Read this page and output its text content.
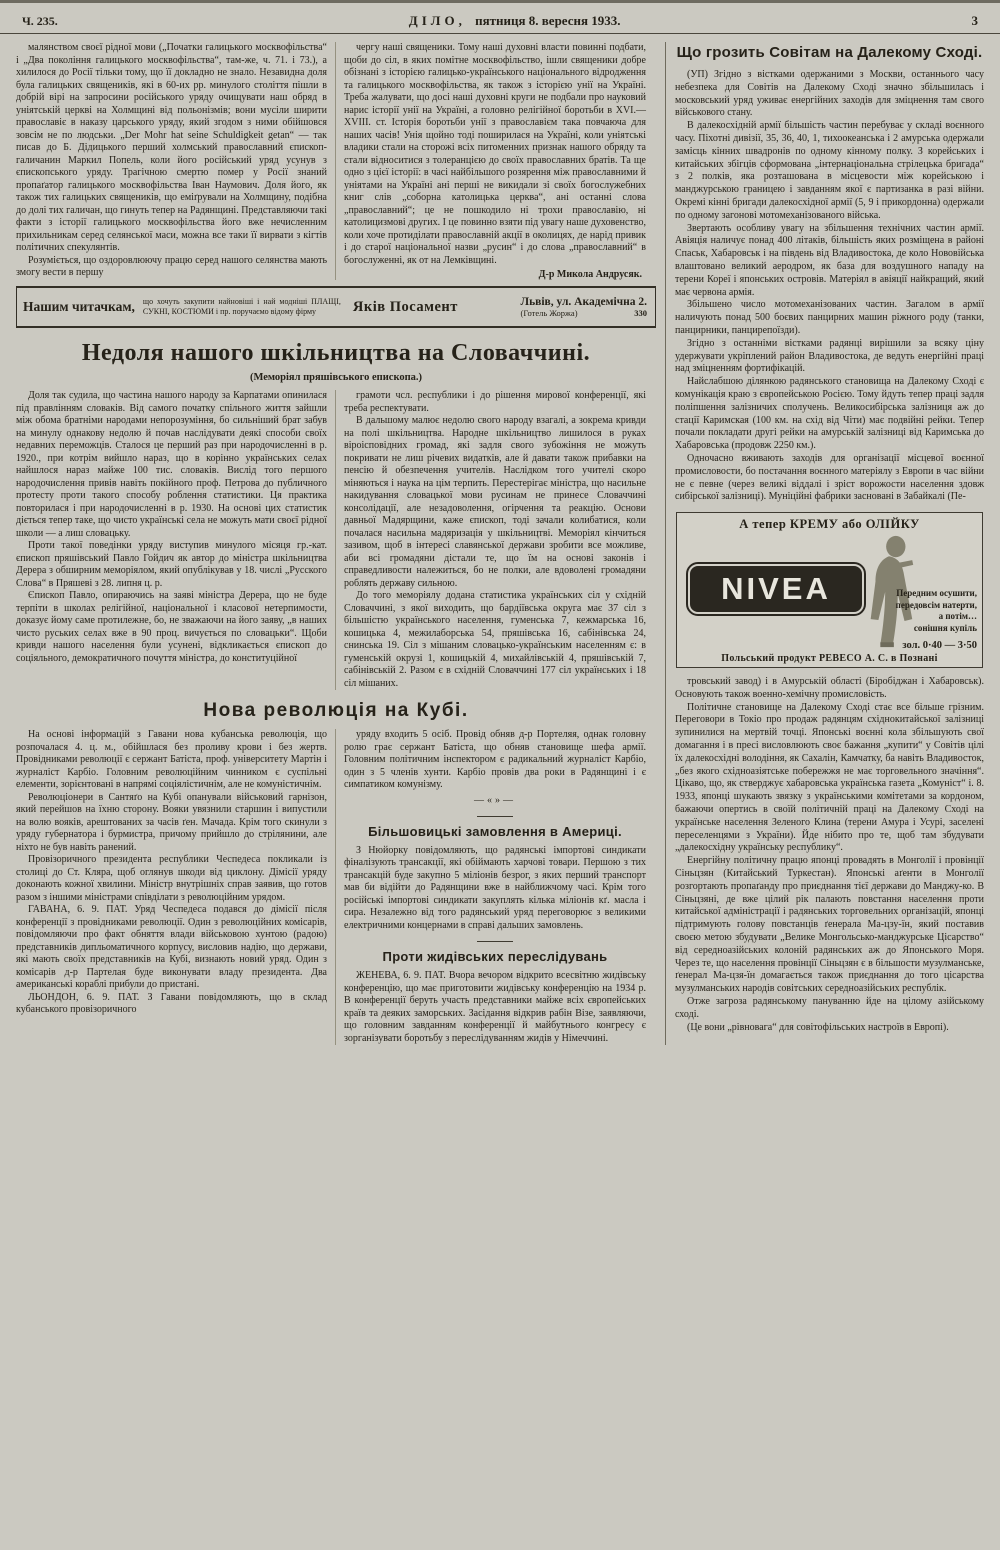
Ч. 235.	ДІЛО, пятниця 8. вересня 1933.	3

малянством своєї рідної мови („Початки галицького москвофільства“ і „Два покоління галицького москвофільства“, там-же, ч. 71. і 73.), а хилилося до Росії тільки тому, що її докладно не знало. Незавидна доля була галицьких священиків, які в 60-их рр. минулого століття пішли в добрій вірі на запросини російського уряду очищувати наш обряд в уніятській церкві на Холмщині від польонізмів; вони мусіли ширити православіє в наказу царського уряду, який згодом з ними обійшовся зовсім не по людськи. „Der Mohr hat seine Schuldigkeit getan“ — так писав до Б. Дідицького перший холмський православний єпископ-галичанин Маркил Попель, коли його російський уряд усунув з єпископського уряду. Трагічною смертю помер у Росії знаний пропаґатор галицького москвофільства Іван Наумович. Доля його, як також тих галицьких священиків, що еміґрували на Холмщину, подібна до долі тих галичан, що гинуть тепер на Радянщині. Представляючи такі факти з історії галицького москвофільства його вже нечисленним прихильникам серед селянської маси, можна все таки її вирвати з кігтів політичних спекулянтів.

Розуміється, що оздоровлюючу працю серед нашого селянства мають змогу вести в першу

чергу наші священики. Тому наші духовні власти повинні подбати, щоби до сіл, в яких помітне москвофільство, ішли священики добре обізнані з історією галицько-українського національного відродження та галицького москвофільства, як також з історією унії на Україні. Треба жалувати, що досі наші духовні круги не подбали про науковий нарис історії унії на Україні, а головно релігійної боротьби в XVI.—XVIII. ст. Історія боротьби унії з православієм така повчаюча для наших часів! Унія щойно тоді поширилася на Україні, коли уніятські владики стали на сторожі всіх питоменних признак нашого обряду та стали відноситися з толеранцією до своїх православних братів. Та ще одно з цієї історії: в часі найбільшого розярення між православними й уніятами на Україні ані перші не викидали зі своїх богослужебних книг слів „соборна католицька церква“, ані останні слова „православний“; це не пошкодило ні трохи православію, ні католицизмові других. І це повинно взяти під увагу наше духовенство, коли хоче протиділати православній акції в околицях, де нарід привик і до старої національної назви „русин“ і до слова „православний“ в богослуженні, як от на Лемківщині.

Д-р Микола Андрусяк.
Нашим читачкам, що хочуть закупити найновіші і най модніші ПЛАЩІ, СУКНІ, КОСТЮМИ і пр. поручаємо відому фірму	Яків Посамент	Львів, ул. Академічна 2.
(Готель Жоржа)	330
Недоля нашого шкільництва на Словаччині.
(Меморіял пряшівського епископа.)

Доля так судила, що частина нашого народу за Карпатами опинилася під правлінням словаків. Від самого початку спільного життя зайшли між обома братніми народами непорозуміння, бо сильніший брат забув на минулу однакову недолю й почав наслідувати деякі способи своїх недавних переможців. Сталося це перший раз при народочисленні в р. 1920., при котрім вийшло нараз, що в корінно українських селах найшлося нараз майже 100 тис. словаків. Вислід того першого народочислення привів навіть покійного проф. Петрова до публичного протесту проти такого способу роблення статистики. Ця практика повторилася і при народочисленні в р. 1930. На основі цих статистик діється тепер таке, що чисто українські села не можуть мати своєї рідної школи — а лиш словацьку.

Проти такої поведінки уряду виступив минулого місяця гр.-кат. єпископ пряшівський Павло Гойдич як автор до міністра шкільництва Дерера з обширним меморіялом, який опублікував у 18. числі „Русского Слова“ в Пряшеві з 28. липня ц. р.

Єпископ Павло, опираючись на заяві міністра Дерера, що не буде терпіти в школах релігійної, національної і класової нетерпимости, доказує йому саме протилежне, бо, не зважаючи на його заяву, „в наших чисто руських селах вже в 90 проц. вичується по словацьки“. Щоби кривди нашого населення були усунені, відкликається єпископ до соціяльного, демократичного почуття міністра, до конституційної

грамоти чсл. республики і до рішення мирової конференції, які треба респектувати.

В дальшому малює недолю свого народу взагалі, а зокрема кривди на полі шкільництва. Народне шкільництво лишилося в руках віроісповідних громад, які задля свого зубожіння не можуть покривати не лиш річевих видатків, але й давати також прибавки на пенсію й обезпечення учителів. Наслідком того учителі скоро міняються і наука на цім терпить. Перестерігає міністра, що насильне накидування словацької мови русинам не принесе Словаччині консолідації, але незадоволення, огірчення та реакцію. Основи давньої Мадярщини, каже єпископ, тоді зачали колибатися, коли почалася насильна мадяризація у шкільництві. Меморіял кінчиться зазивом, щоб в інтересі славянської держави зробити все можливе, аби всі громадяни дістали те, що їм на основі законів і справедливости належиться, бо не полки, але вдоволені громадяни роблять державу сильною.

До того меморіялу додана статистика українських сіл у східній Словаччині, з якої виходить, що бардіївська округа має 37 сіл з більшістю українського населення, гуменська 7, кежмарська 16, кошицька 4, межилаборська 54, пряшівська 16, сабінівська 24, снинська 19. Сіл з мішаним словацько-українським населенням є: в гуменській окрузі 1, кошицькій 4, михайлівській 4, пряшівській 7, сабінівській 2. Разом є в східній Словаччині 177 сіл українських і 18 сіл мішаних.

Нова революція на Кубі.

На основі інформацій з Гавани нова кубанська революція, що розпочалася 4. ц. м., обійшлася без проливу крови і без жертв. Провідниками революції є сержант Батіста, проф. університету Мартін і журналіст Карбіо. Головним революційним чинником є суспільні елементи, зорієнтовані в напрямі соціялістичнім, але не комуністичнім.

Революціонери в Сантяґо на Кубі опанували військовий гарнізон, який перейшов на їхню сторону. Вояки увязнили старшин і випустили на волю вояків, арештованих за часів ґен. Мачада. Крім того скинули з уряду губернатора і бурмистра, причому прийшло до стрілянини, але ніхто не був навіть ранений.

Провізоричного президента республики Чеспедеса покликали із столиці до Ст. Кляра, щоб оглянув шкоди від циклону. Дімісії уряду доконають кожної хвилини. Міністр внутрішніх справ заявив, що готов разом з іншими міністрами співділати з революційним урядом.

ГАВАНА, 6. 9. ПАТ. Уряд Чеспедеса подався до дімісії після конференції з провідниками революції. Один з революційних комісарів, повідомляючи про факт обняття влади військовою хунтою (радою) представників дипльоматичного корпусу, висловив надію, що держави, які мають своїх представників на Кубі, визнають новий уряд. Один з комісарів д-р Партелая буде виконувати владу президента. Два американські кораблі прибули до пристані.

ЛЬОНДОН, 6. 9. ПАТ. З Гавани повідомляють, що в склад кубанського провізоричного

уряду входить 5 осіб. Провід обняв д-р Портеляя, однак головну ролю грає сержант Батіста, що обняв становище шефа армії. Головним політичним інспектором є радикальний журналіст Карбіо, один з 5 членів хунти. Карбіо провів два роки в Радянщині і є симпатиком комунізму.

—«»—
Більшовицькі замовлення в Америці.

З Нюйорку повідомляють, що радянські імпортові синдикати фіналізують трансакції, які обіймають харчові товари. Першою з тих трансакцій буде закупно 5 міліонів безрог, з яких перший транспорт мав би відійти до Радянщини вже в найближчому часі. Крім того російські імпортові синдикати закуплять кілька міліонів кґ. масла і сира. Незалежно від того радянський уряд переговорює з великими електричними концернами в справі дальших замовлень.

Проти жидівських переслідувань

ЖЕНЕВА, 6. 9. ПАТ. Вчора вечором відкрито всесвітню жидівську конференцію, що має приготовити жидівську конференцію на 1934 р. В конференції беруть участь представники майже всіх європейських країв та деяких заморських. Засідання відкрив рабін Візе, заявляючи, що головним завданням конференції й майбутнього конгресу є зорганізувати боротьбу з переслідуванням жидів у Німеччині.

Що грозить Совітам на Далекому Сході.

(УП) Згідно з вістками одержаними з Москви, останнього часу небезпека для Совітів на Далекому Сході значно збільшилась і московський уряд уживає енергійних заходів для зміцнення там свого військового стану.

В далекосхідній армії більшість частин перебуває у складі воєнного часу. Піхотні дивізії, 35, 36, 40, 1, тихоокеанська і 2 амурська одержали замісць кінних швадронів по одному кінному полку. З корейських і китайських збігців сформована „інтернаціональна стрілецька бригада“ з 2 полків, яка розташована в місцевости між корейською і манджурською границею і завданням якої є партизанка в разі війни. Окремі кінні бригади далекосхідної армії (5, 9 і прикордонна) одержали по одному загонові мотомеханізованого війська.

Звертають особливу увагу на збільшення технічних частин армії. Авіяція наличує понад 400 літаків, більшість яких розміщена в районі Спаськ, Хабаровськ і на південь від Владивостока, де коло Нововійська влаштовано великий аеродром, як база для воздушного нападу на терени Кореї і японських островів. Матеріял в авіяції найкращий, який має червона армія.

Збільшено число мотомеханізованих частин. Загалом в армії наличують понад 500 боєвих панцирних машин ріжного роду (танки, панцирники, панцирепоїзди).

Згідно з останніми вістками радянці вирішили за всяку ціну удержувати укріплений район Владивостока, де ведуть енергійні праці над зміцненням фортифікацій.

Найслабшою ділянкою радянського становища на Далекому Сході є комунікація краю з європейською Росією. Тому йдуть тепер праці задля поліпшення залізничих сполучень. Великосибірська залізниця аж до стації Каримская (100 км. на схід від Чіти) має подвійні рейки. Тепер почали покладати другі рейки на амурській залізниці від Каримська до Хабаровська (продовж 2250 км.).

Одночасно вживають заходів для організації місцевої воєнної промисловости, бо постачання воєнного матеріялу з Европи в час війни не є певне (через великі віддалі і зріст ворожости населення здовж сибірської залізниці). Муніційні фабрики засновані в Забайкалі (Пе-

А тепер КРЕМУ або ОЛІЙКУ
NIVEA	Передним осушити,
передовсім натерти,
а потім…
сонішня купіль
зол. 0·40 — 3·50
Польський продукт PEBECO А. С. в Познані

тровський завод) і в Амурській області (Біробіджан і Хабаровськ). Основують також военно-хемічну промисловість.

Політичне становище на Далекому Сході стає все більше грізним. Переговори в Токіо про продаж радянцям східнокитайської залізниці зупинилися на мертвій точці. Японські воєнні кола збільшують свої домагання і в пресі висловлюють своє бажання „купити“ у Совітів цілі їх далекосхідні володіння, як Сахалін, Камчатку, ба навіть Владивосток, „без якого східноазіятське побережжя не має торговельного значіння“. Цікаво, що, як стверджує хабаровська українська газета „Комуніст“ і. 8. 1933, японці шукають звязку з українськими комітетами за кордоном, бажаючи опертись в своїй політичній праці на Далекому Сході на українське населення Зеленого Клина (терени Амура і Усурі, заселені переселенцями з України). Йде нібито про те, щоб там збудувати „далекосхідну українську республику“.

Енергійну політичну працю японці провадять в Монголії і провінції Сіньцзян (Китайський Туркестан). Японські аґенти в Монголії розгортають пропаґанду про приєднання тієї держави до Манджу-ко. В Сіньцзяні, де вже цілий рік палають повстання населення проти китайської адміністрації і радянських торговельних організацій, японці підтримують голову повстанців ґенерала Ма-цзу-їн, який поставив своєю метою збудувати „Велике Монгольсько-манджурське Цісарство“ від середноазійських колоній радянських аж до Японського Моря. Через те, що населення провінції Сіньцзян є в більшости музулманське, ґенерал Ма-цзя-їн домагається також приєднання до того цісарства музулманських народів совітських середноазійських республік.

Отже загроза радянському пануванню йде на цілому азійському сході.

(Це вони „рівновага“ для совітофільських настроїв в Европі).
